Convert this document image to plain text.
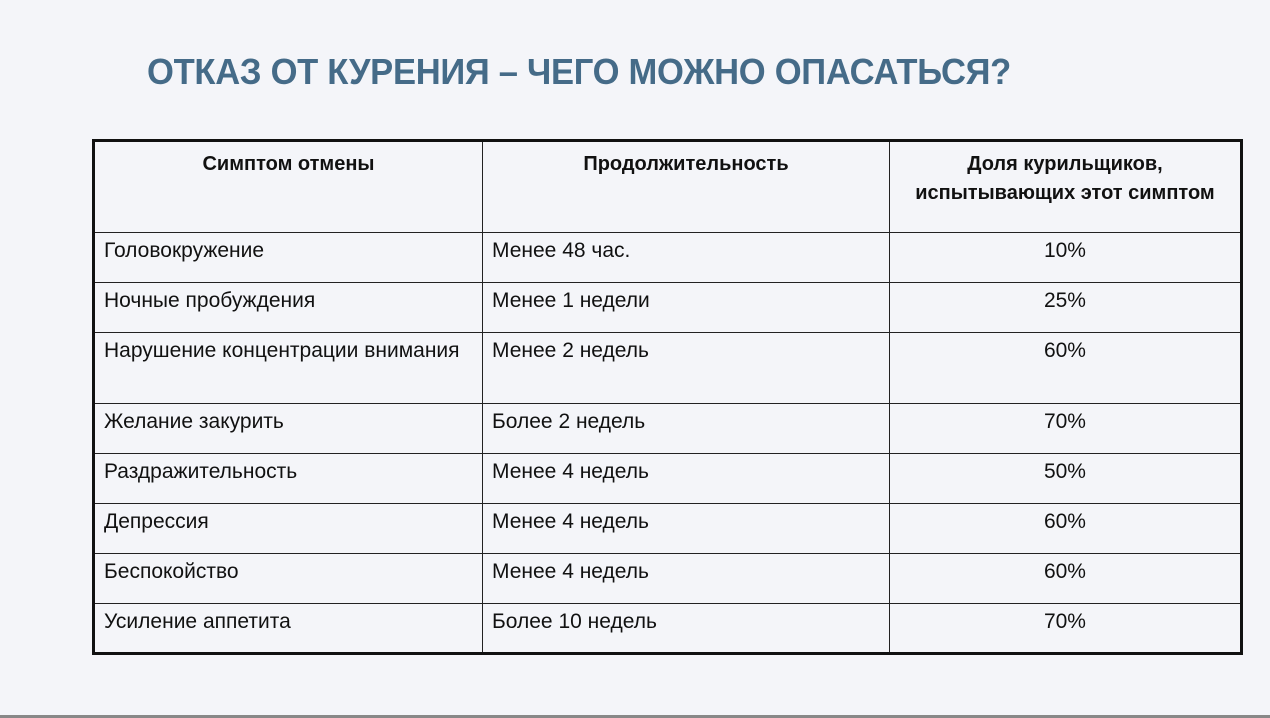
ОТКАЗ ОТ КУРЕНИЯ – ЧЕГО МОЖНО ОПАСАТЬСЯ?
Симптом отмены	Продолжительность	Доля курильщиков, испытывающих этот симптом
Головокружение	Менее 48 час.	10%
Ночные пробуждения	Менее 1 недели	25%
Нарушение концентрации внимания	Менее 2 недель	60%
Желание закурить	Более 2 недель	70%
Раздражительность	Менее 4 недель	50%
Депрессия	Менее 4 недель	60%
Беспокойство	Менее 4 недель	60%
Усиление аппетита	Более 10 недель	70%
